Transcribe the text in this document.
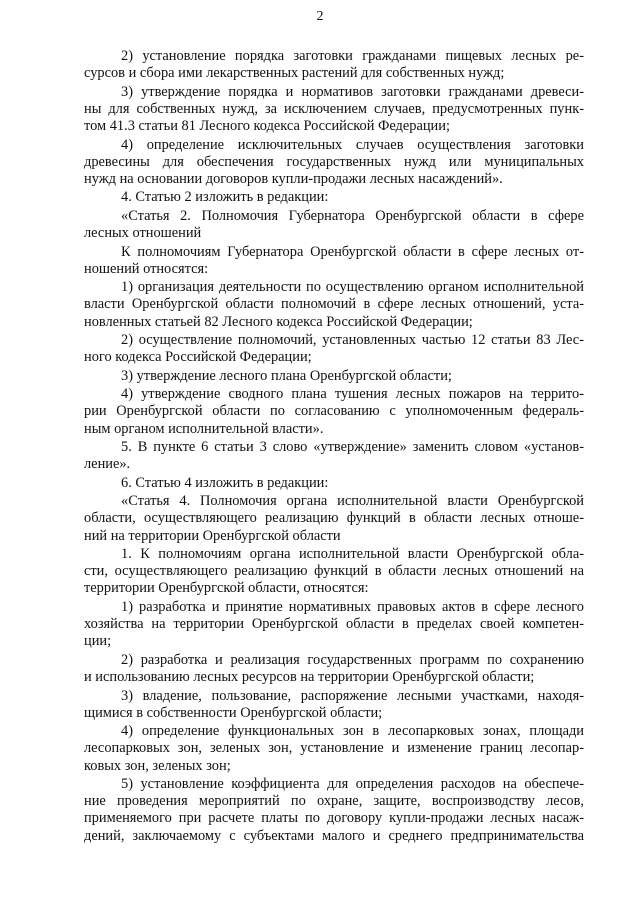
2
2) установление порядка заготовки гражданами пищевых лесных ре-
сурсов и сбора ими лекарственных растений для собственных нужд;
3) утверждение порядка и нормативов заготовки гражданами древеси-
ны для собственных нужд, за исключением случаев, предусмотренных пунк-
том 41.3 статьи 81 Лесного кодекса Российской Федерации;
4) определение исключительных случаев осуществления заготовки
древесины для обеспечения государственных нужд или муниципальных
нужд на основании договоров купли-продажи лесных насаждений».
4. Статью 2 изложить в редакции:
«Статья 2. Полномочия Губернатора Оренбургской области в сфере
лесных отношений
К полномочиям Губернатора Оренбургской области в сфере лесных от-
ношений относятся:
1) организация деятельности по осуществлению органом исполнительной
власти Оренбургской области полномочий в сфере лесных отношений, уста-
новленных статьей 82 Лесного кодекса Российской Федерации;
2) осуществление полномочий, установленных частью 12 статьи 83 Лес-
ного кодекса Российской Федерации;
3) утверждение лесного плана Оренбургской области;
4) утверждение сводного плана тушения лесных пожаров на террито-
рии Оренбургской области по согласованию с уполномоченным федераль-
ным органом исполнительной власти».
5. В пункте 6 статьи 3 слово «утверждение» заменить словом «установ-
ление».
6. Статью 4 изложить в редакции:
«Статья 4. Полномочия органа исполнительной власти Оренбургской
области, осуществляющего реализацию функций в области лесных отноше-
ний на территории Оренбургской области
1. К полномочиям органа исполнительной власти Оренбургской обла-
сти, осуществляющего реализацию функций в области лесных отношений на
территории Оренбургской области, относятся:
1) разработка и принятие нормативных правовых актов в сфере лесного
хозяйства на территории Оренбургской области в пределах своей компетен-
ции;
2) разработка и реализация государственных программ по сохранению
и использованию лесных ресурсов на территории Оренбургской области;
3) владение, пользование, распоряжение лесными участками, находя-
щимися в собственности Оренбургской области;
4) определение функциональных зон в лесопарковых зонах, площади
лесопарковых зон, зеленых зон, установление и изменение границ лесопар-
ковых зон, зеленых зон;
5) установление коэффициента для определения расходов на обеспече-
ние проведения мероприятий по охране, защите, воспроизводству лесов,
применяемого при расчете платы по договору купли-продажи лесных насаж-
дений, заключаемому с субъектами малого и среднего предпринимательства
